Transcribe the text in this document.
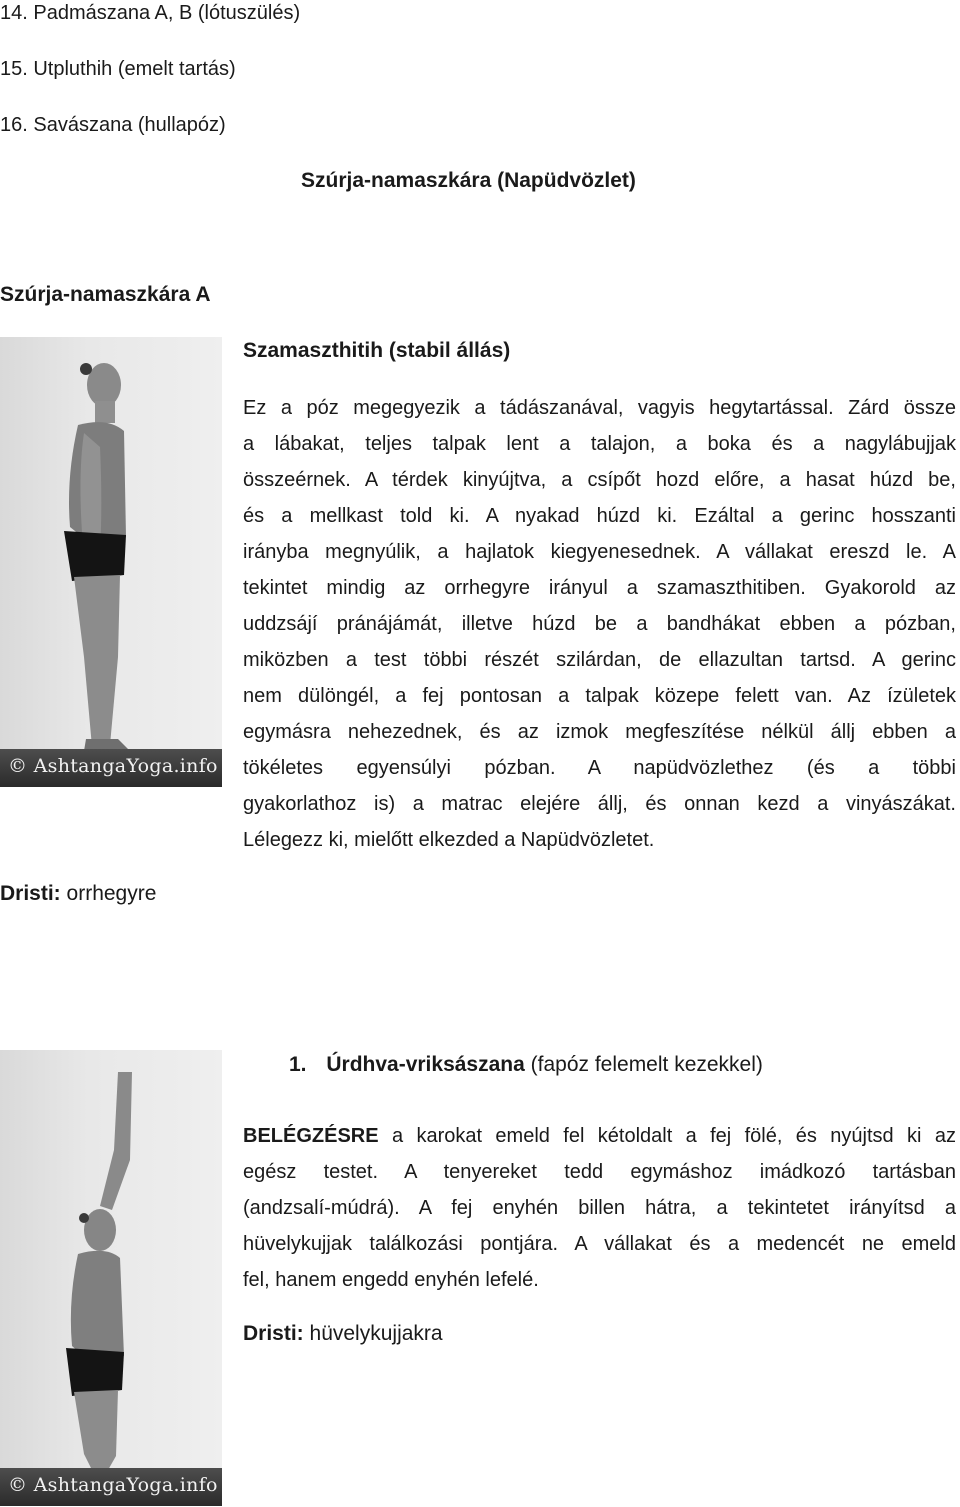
14. Padmászana A, B (lótuszülés)
15. Utpluthih (emelt tartás)
16. Savászana (hullapóz)
Szúrja-namaszkára (Napüdvözlet)
Szúrja-namaszkára A
© AshtangaYoga.info
Szamaszthitih (stabil állás)
Ez a póz megegyezik a tádászanával, vagyis hegytartással. Zárd össze
a lábakat, teljes talpak lent a talajon, a boka és a nagylábujjak
összeérnek. A térdek kinyújtva, a csípőt hozd előre, a hasat húzd be,
és a mellkast told ki. A nyakad húzd ki. Ezáltal a gerinc hosszanti
irányba megnyúlik, a hajlatok kiegyenesednek. A vállakat ereszd le. A
tekintet mindig az orrhegyre irányul a szamaszthitiben. Gyakorold az
uddzsájí pránájámát, illetve húzd be a bandhákat ebben a pózban,
miközben a test többi részét szilárdan, de ellazultan tartsd. A gerinc
nem dülöngél, a fej pontosan a talpak közepe felett van. Az ízületek
egymásra nehezednek, és az izmok megfeszítése nélkül állj ebben a
tökéletes egyensúlyi pózban. A napüdvözlethez (és a többi
gyakorlathoz is) a matrac elejére állj, és onnan kezd a vinyászákat.
Lélegezz ki, mielőtt elkezded a Napüdvözletet.
Dristi: orrhegyre
© AshtangaYoga.info
1. Úrdhva-vriksászana (fapóz felemelt kezekkel)
BELÉGZÉSRE a karokat emeld fel kétoldalt a fej fölé, és nyújtsd ki az
egész testet. A tenyereket tedd egymáshoz imádkozó tartásban
(andzsalí-múdrá). A fej enyhén billen hátra, a tekintetet irányítsd a
hüvelykujjak találkozási pontjára. A vállakat és a medencét ne emeld
fel, hanem engedd enyhén lefelé.
Dristi: hüvelykujjakra
